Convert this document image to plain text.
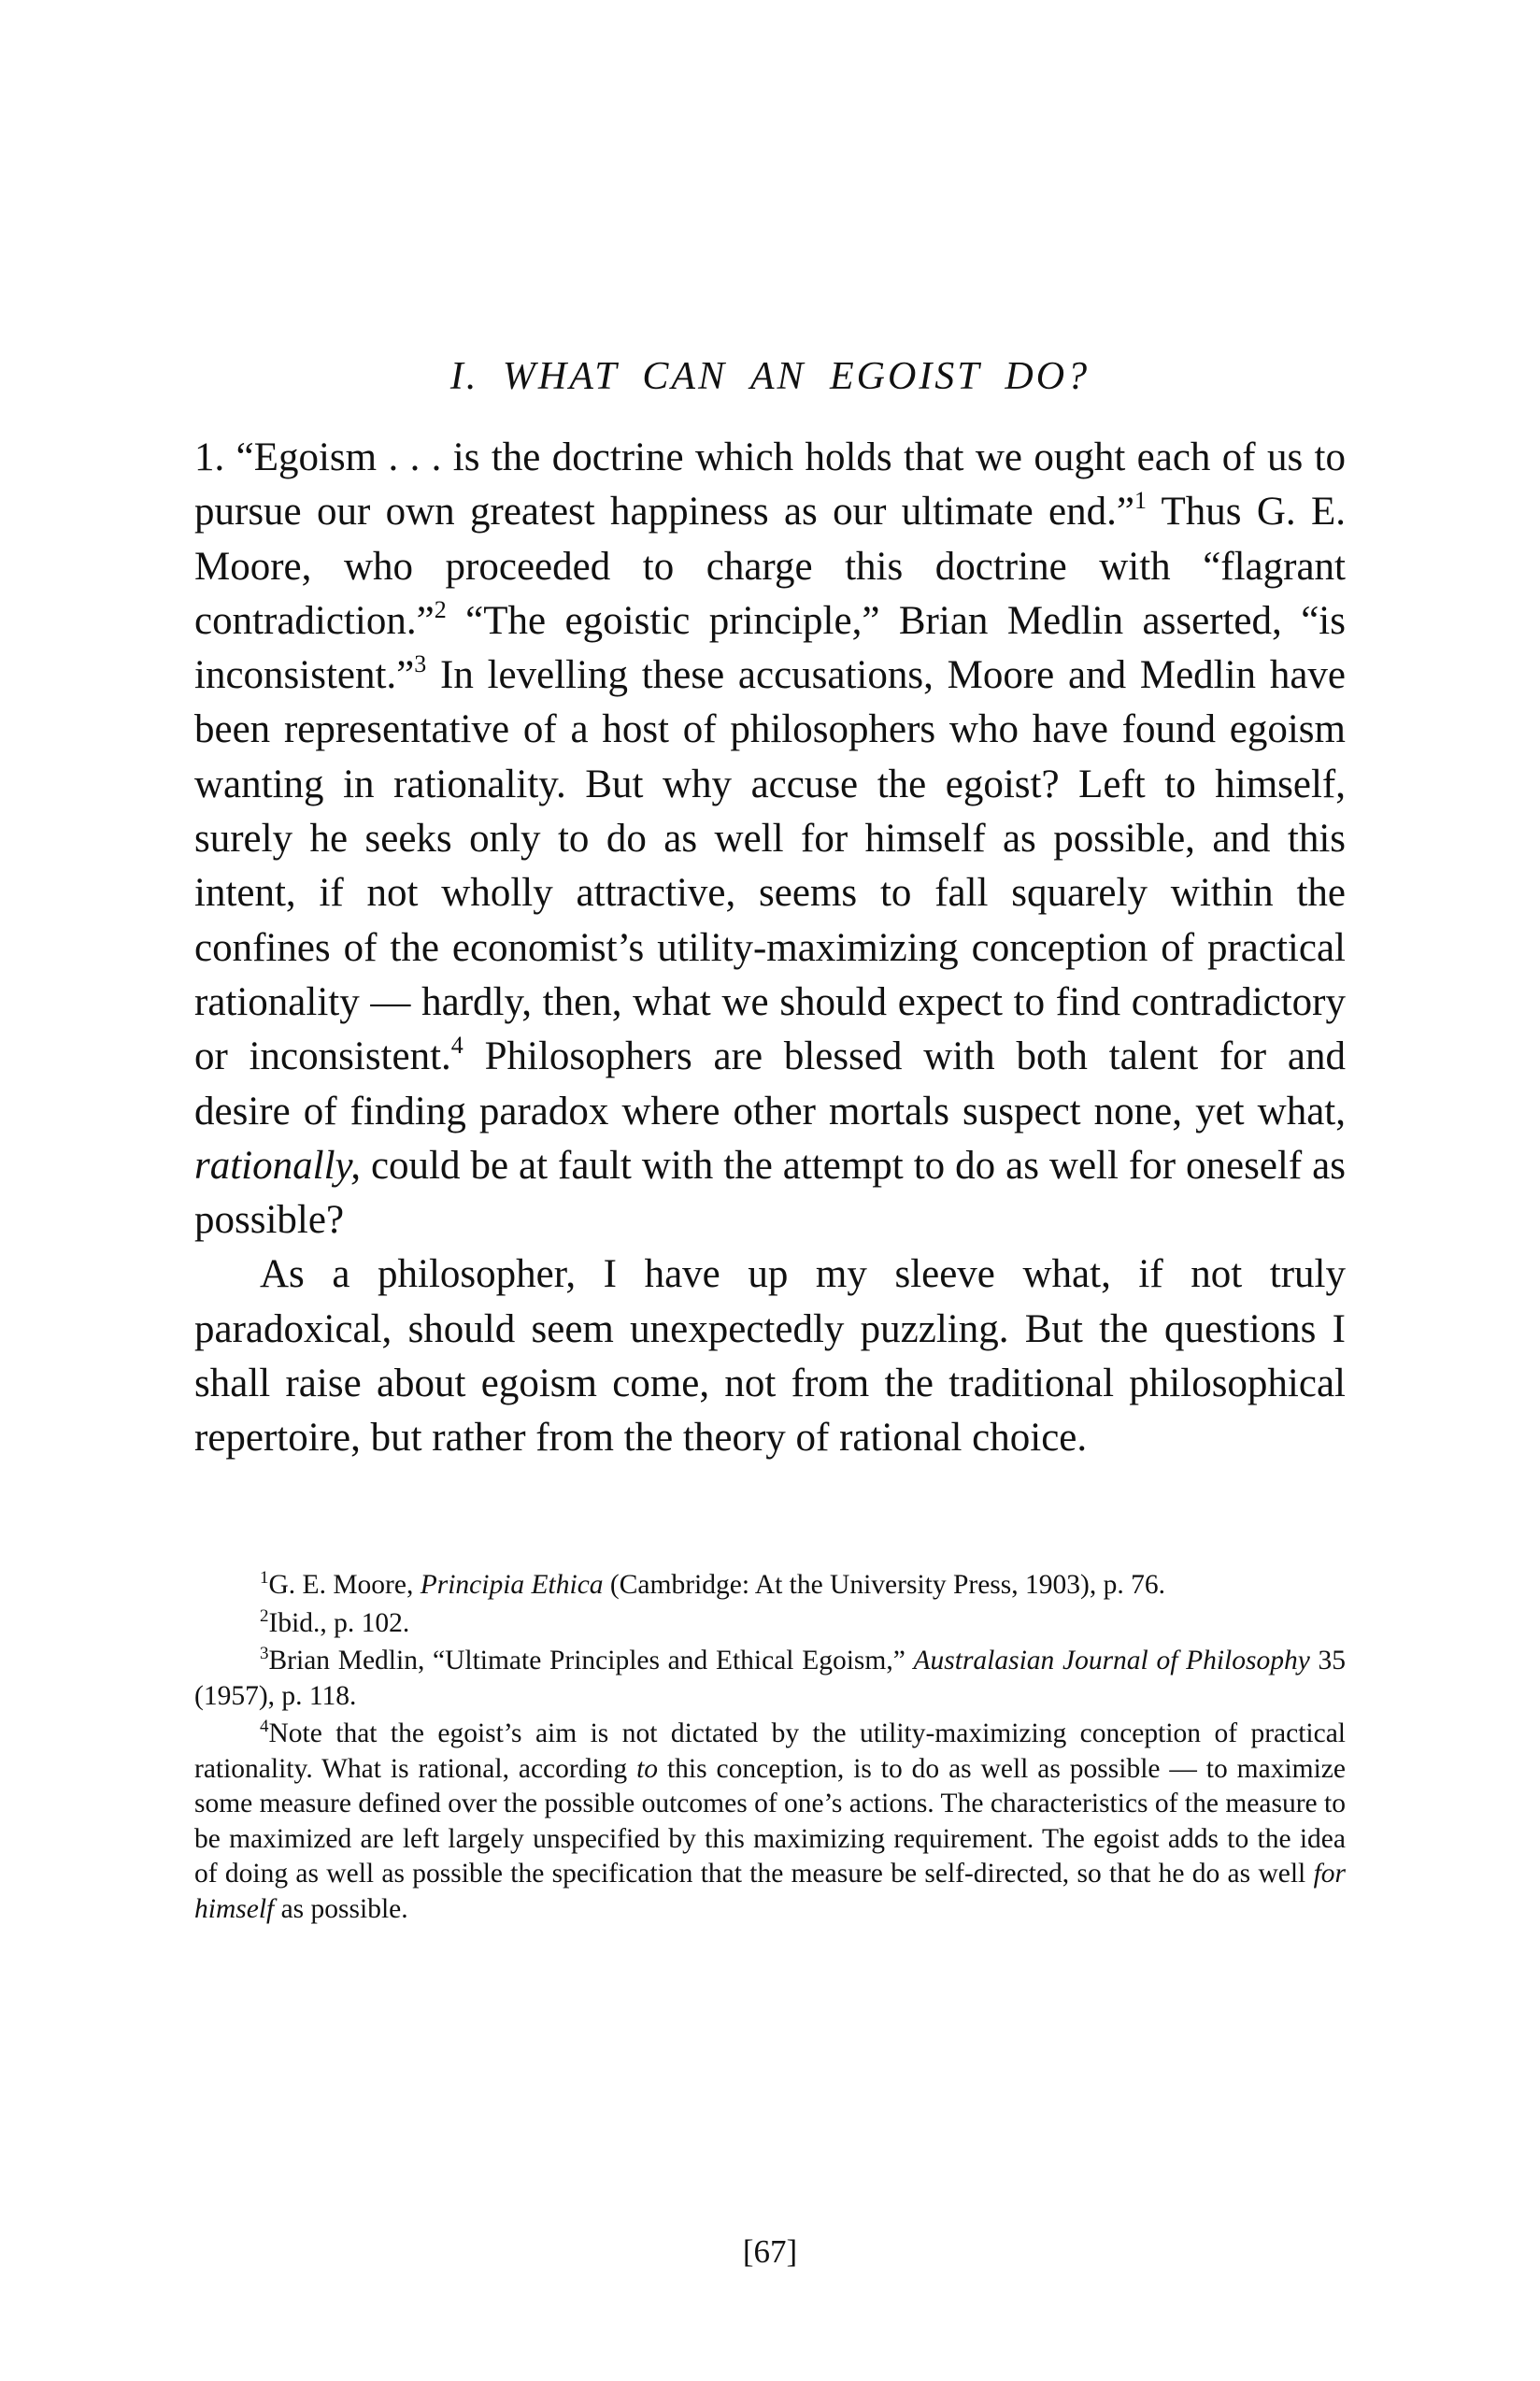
I. WHAT CAN AN EGOIST DO?

1. “Egoism . . . is the doctrine which holds that we ought each of us to pursue our own greatest happiness as our ultimate end.”$^1$ Thus G. E. Moore, who proceeded to charge this doctrine with “flagrant contradiction.”$^2$ “The egoistic principle,” Brian Medlin asserted, “is inconsistent.”$^3$ In levelling these accusations, Moore and Medlin have been representative of a host of philosophers who have found egoism wanting in rationality. But why accuse the egoist? Left to himself, surely he seeks only to do as well for himself as possible, and this intent, if not wholly attractive, seems to fall squarely within the confines of the economist’s utility-maximizing conception of practical rationality — hardly, then, what we should expect to find contradictory or inconsistent.$^4$ Philosophers are blessed with both talent for and desire of finding paradox where other mortals suspect none, yet what, rationally, could be at fault with the attempt to do as well for oneself as possible?

As a philosopher, I have up my sleeve what, if not truly paradoxical, should seem unexpectedly puzzling. But the questions I shall raise about egoism come, not from the traditional philosophical repertoire, but rather from the theory of rational choice.

$^1$G. E. Moore, Principia Ethica (Cambridge: At the University Press, 1903), p. 76.

$^2$Ibid., p. 102.

$^3$Brian Medlin, “Ultimate Principles and Ethical Egoism,” Australasian Journal of Philosophy 35 (1957), p. 118.

$^4$Note that the egoist’s aim is not dictated by the utility-maximizing conception of practical rationality. What is rational, according to this conception, is to do as well as possible — to maximize some measure defined over the possible outcomes of one’s actions. The characteristics of the measure to be maximized are left largely unspecified by this maximizing requirement. The egoist adds to the idea of doing as well as possible the specification that the measure be self-directed, so that he do as well for himself as possible.

[67]
